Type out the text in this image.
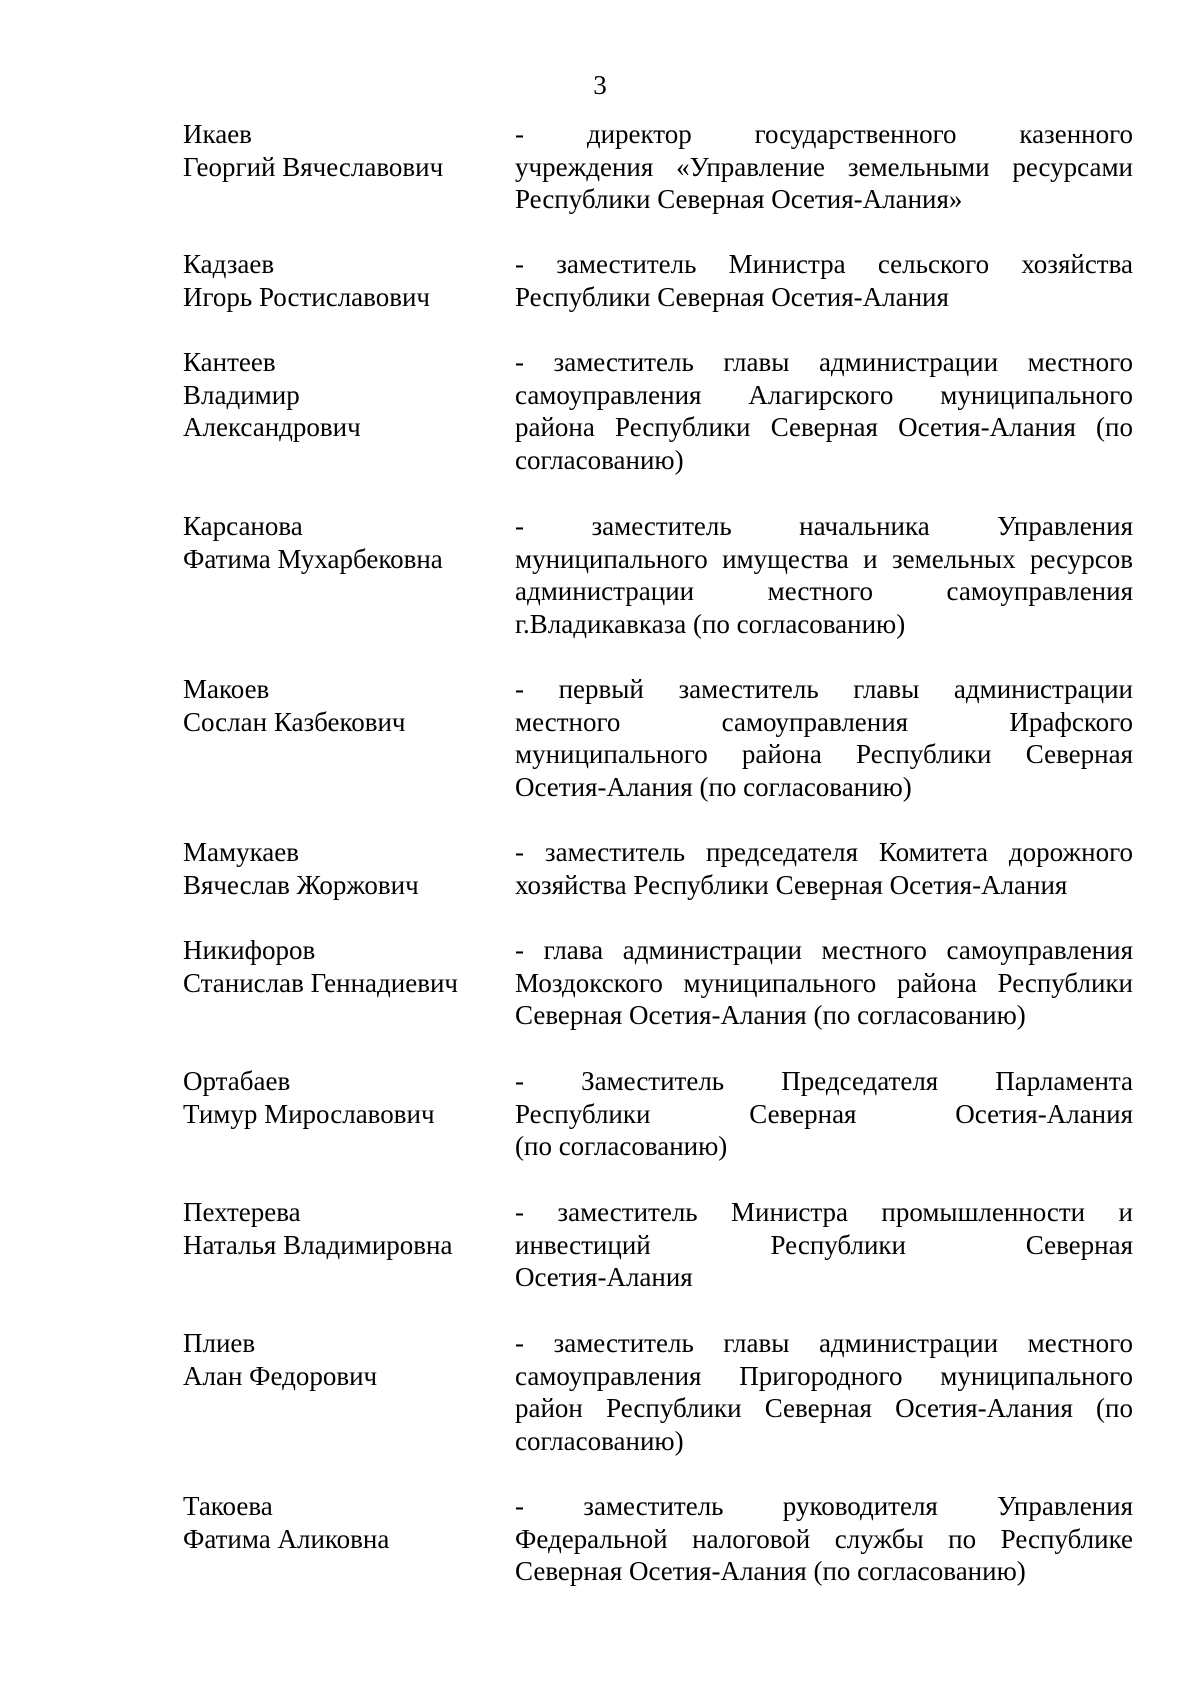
3
Икаев
Георгий Вячеславович
- директор государственного казенного
учреждения «Управление земельными ресурсами
Республики Северная Осетия-Алания»
Кадзаев
Игорь Ростиславович
- заместитель Министра сельского хозяйства
Республики Северная Осетия-Алания
Кантеев
Владимир
Александрович
- заместитель главы администрации местного
самоуправления Алагирского муниципального
района Республики Северная Осетия-Алания (по
согласованию)
Карсанова
Фатима Мухарбековна
- заместитель начальника Управления
муниципального имущества и земельных ресурсов
администрации местного самоуправления
г.Владикавказа (по согласованию)
Макоев
Сослан Казбекович
- первый заместитель главы администрации
местного самоуправления Ирафского
муниципального района Республики Северная
Осетия-Алания (по согласованию)
Мамукаев
Вячеслав Жоржович
- заместитель председателя Комитета дорожного
хозяйства Республики Северная Осетия-Алания
Никифоров
Станислав Геннадиевич
- глава администрации местного самоуправления
Моздокского муниципального района Республики
Северная Осетия-Алания (по согласованию)
Ортабаев
Тимур Мирославович
- Заместитель Председателя Парламента
Республики Северная Осетия-Алания
(по согласованию)
Пехтерева
Наталья Владимировна
- заместитель Министра промышленности и
инвестиций Республики Северная
Осетия-Алания
Плиев
Алан Федорович
- заместитель главы администрации местного
самоуправления Пригородного муниципального
район Республики Северная Осетия-Алания (по
согласованию)
Такоева
Фатима Аликовна
- заместитель руководителя Управления
Федеральной налоговой службы по Республике
Северная Осетия-Алания (по согласованию)
